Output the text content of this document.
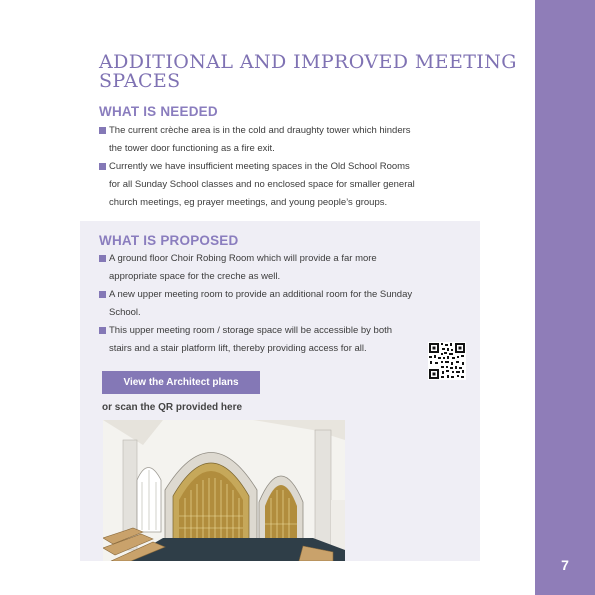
7
ADDITIONAL AND IMPROVED MEETING SPACES
WHAT IS NEEDED
The current crèche area is in the cold and draughty tower which hinders
the tower door functioning as a fire exit.
Currently we have insufficient meeting spaces in the Old School Rooms
for all Sunday School classes and no enclosed space for smaller general
church meetings, eg prayer meetings, and young people’s groups.
WHAT IS PROPOSED
A ground floor Choir Robing Room which will provide a far more
appropriate space for the creche as well.
A new upper meeting room to provide an additional room for the Sunday
School.
This upper meeting room / storage space will be accessible by both
stairs and a stair platform lift, thereby providing access for all.
View the Architect plans
or scan the QR provided here
